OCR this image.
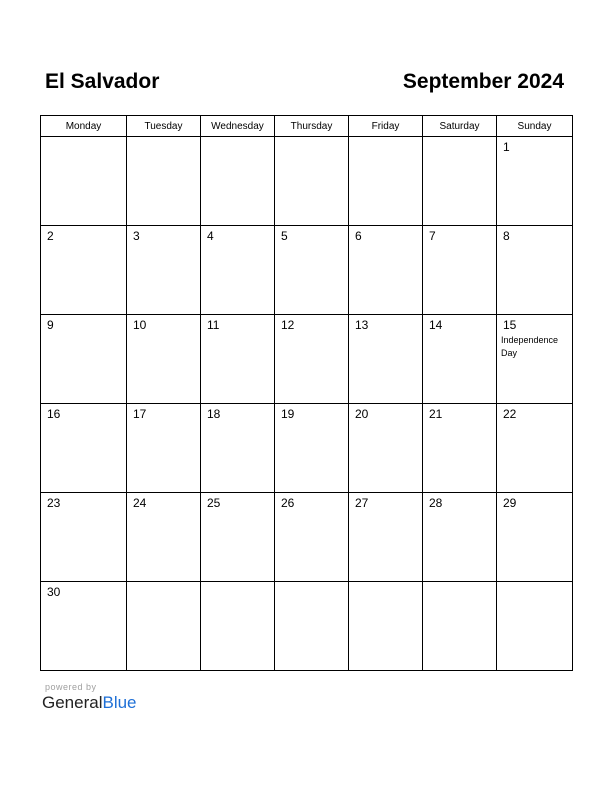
El Salvador	September 2024
Monday	Tuesday	Wednesday	Thursday	Friday	Saturday	Sunday

						1

2	3	4	5	6	7	8

9	10	11	12	13	14	15
Independence Day

16	17	18	19	20	21	22

23	24	25	26	27	28	29

30						

powered by
GeneralBlue
